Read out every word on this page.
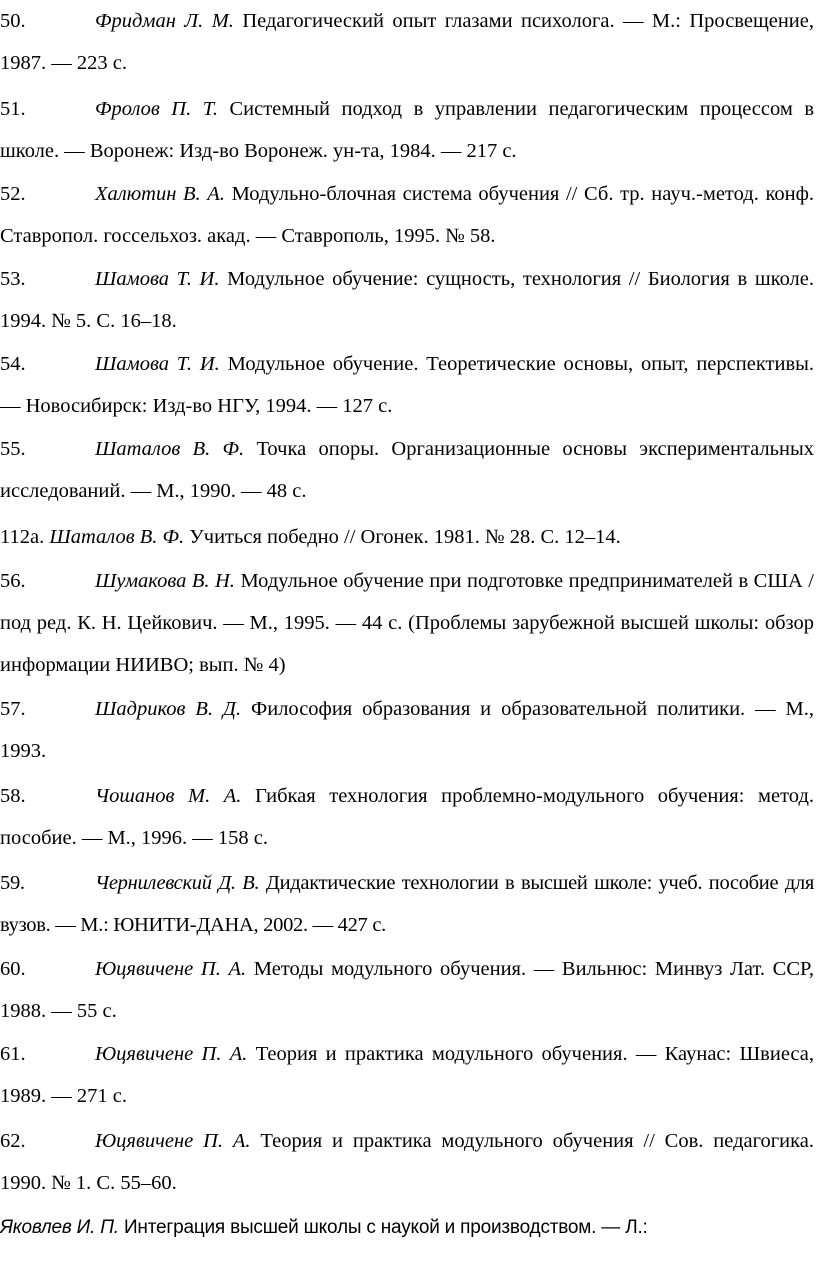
50.	Фридман Л. М. Педагогический опыт глазами психолога. — М.: Просвещение, 1987. — 223 с.

51.	Фролов П. Т. Системный подход в управлении педагогическим процессом в школе. — Воронеж: Изд-во Воронеж. ун-та, 1984. — 217 с.

52.	Халютин В. А. Модульно-блочная система обучения // Сб. тр. науч.-метод. конф. Ставропол. госсельхоз. акад. — Ставрополь, 1995. № 58.

53.	Шамова Т. И. Модульное обучение: сущность, технология // Биология в школе. 1994. № 5. С. 16–18.

54.	Шамова Т. И. Модульное обучение. Теоретические основы, опыт, перспективы. — Новосибирск: Изд-во НГУ, 1994. — 127 с.

55.	Шаталов В. Ф. Точка опоры. Организационные основы экспериментальных исследований. — М., 1990. — 48 с.

112а. Шаталов В. Ф. Учиться победно // Огонек. 1981. № 28. С. 12–14.

56.	Шумакова В. Н. Модульное обучение при подготовке предпринимателей в США / под ред. К. Н. Цейкович. — М., 1995. — 44 с. (Проблемы зарубежной высшей школы: обзор информации НИИВО; вып. № 4)

57.	Шадриков В. Д. Философия образования и образовательной политики. — М., 1993.

58.	Чошанов М. А. Гибкая технология проблемно-модульного обучения: метод. пособие. — М., 1996. — 158 с.

59.	Чернилевский Д. В. Дидактические технологии в высшей школе: учеб. пособие для вузов. — М.: ЮНИТИ-ДАНА, 2002. — 427 с.

60.	Юцявичене П. А. Методы модульного обучения. — Вильнюс: Минвуз Лат. ССР, 1988. — 55 с.

61.	Юцявичене П. А. Теория и практика модульного обучения. — Каунас: Швиеса, 1989. — 271 с.

62.	Юцявичене П. А. Теория и практика модульного обучения // Сов. педагогика. 1990. № 1. С. 55–60.

Яковлев И. П. Интеграция высшей школы с наукой и производством. — Л.:
